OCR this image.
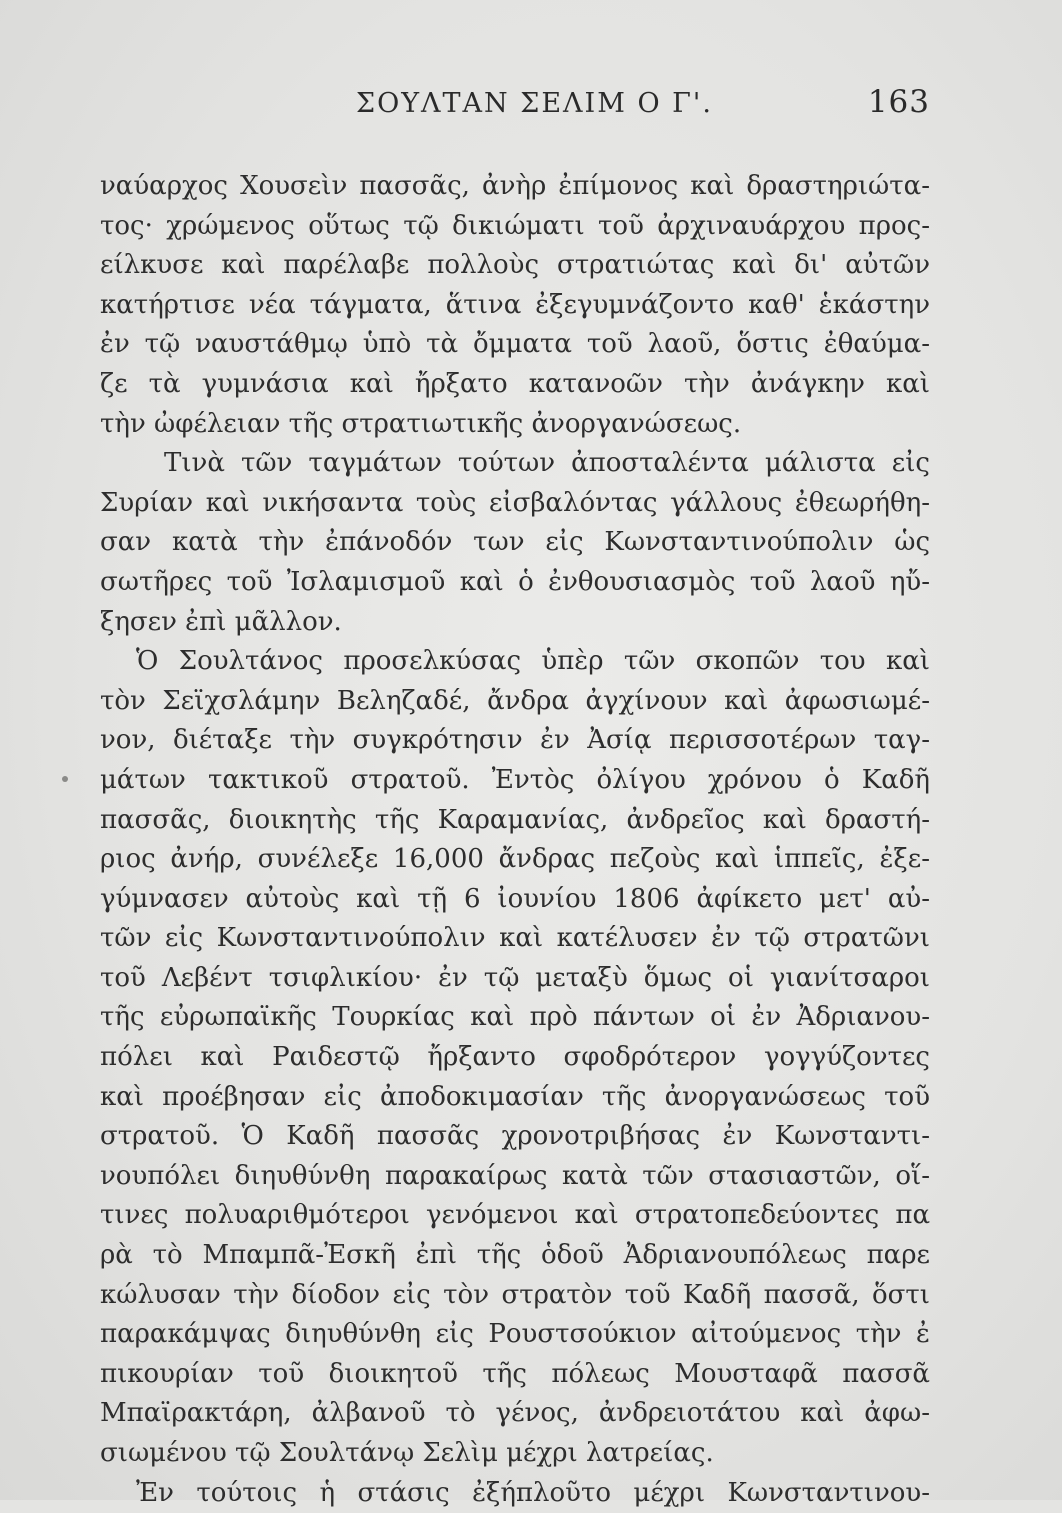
ΣΟΥΛΤΑΝ ΣΕΛΙΜ Ο Γ'.	163
ναύαρχος Χουσεὶν πασσᾶς, ἀνὴρ ἐπίμονος καὶ δραστηριώτα-
τος· χρώμενος οὕτως τῷ δικιώματι τοῦ ἀρχιναυάρχου προς-
είλκυσε καὶ παρέλαβε πολλοὺς στρατιώτας καὶ δι' αὐτῶν
κατήρτισε νέα τάγματα, ἅτινα ἐξεγυμνάζοντο καθ' ἑκάστην
ἐν τῷ ναυστάθμῳ ὑπὸ τὰ ὄμματα τοῦ λαοῦ, ὅστις ἐθαύμα-
ζε τὰ γυμνάσια καὶ ἤρξατο κατανοῶν τὴν ἀνάγκην καὶ
τὴν ὠφέλειαν τῆς στρατιωτικῆς ἀνοργανώσεως.
Τινὰ τῶν ταγμάτων τούτων ἀποσταλέντα μάλιστα εἰς
Συρίαν καὶ νικήσαντα τοὺς εἰσβαλόντας γάλλους ἐθεωρήθη-
σαν κατὰ τὴν ἐπάνοδόν των εἰς Κωνσταντινούπολιν ὡς
σωτῆρες τοῦ Ἰσλαμισμοῦ καὶ ὁ ἐνθουσιασμὸς τοῦ λαοῦ ηὔ-
ξησεν ἐπὶ μᾶλλον.
Ὁ Σουλτάνος προσελκύσας ὑπὲρ τῶν σκοπῶν του καὶ
τὸν Σεϊχσλάμην Βεληζαδέ, ἄνδρα ἀγχίνουν καὶ ἀφωσιωμέ-
νον, διέταξε τὴν συγκρότησιν ἐν Ἀσίᾳ περισσοτέρων ταγ-
μάτων τακτικοῦ στρατοῦ. Ἐντὸς ὀλίγου χρόνου ὁ Καδῆ
πασσᾶς, διοικητὴς τῆς Καραμανίας, ἀνδρεῖος καὶ δραστή-
ριος ἀνήρ, συνέλεξε 16,000 ἄνδρας πεζοὺς καὶ ἱππεῖς, ἐξε-
γύμνασεν αὐτοὺς καὶ τῇ 6 ἰουνίου 1806 ἀφίκετο μετ' αὐ-
τῶν εἰς Κωνσταντινούπολιν καὶ κατέλυσεν ἐν τῷ στρατῶνι
τοῦ Λεβέντ τσιφλικίου· ἐν τῷ μεταξὺ ὅμως οἱ γιανίτσαροι
τῆς εὐρωπαϊκῆς Τουρκίας καὶ πρὸ πάντων οἱ ἐν Ἀδριανου-
πόλει καὶ Ραιδεστῷ ἤρξαντο σφοδρότερον γογγύζοντες
καὶ προέβησαν εἰς ἀποδοκιμασίαν τῆς ἀνοργανώσεως τοῦ
στρατοῦ. Ὁ Καδῆ πασσᾶς χρονοτριβήσας ἐν Κωνσταντι-
νουπόλει διηυθύνθη παρακαίρως κατὰ τῶν στασιαστῶν, οἵ-
τινες πολυαριθμότεροι γενόμενοι καὶ στρατοπεδεύοντες πα
ρὰ τὸ Μπαμπᾶ-Ἐσκῆ ἐπὶ τῆς ὁδοῦ Ἀδριανουπόλεως παρε
κώλυσαν τὴν δίοδον εἰς τὸν στρατὸν τοῦ Καδῆ πασσᾶ, ὅστι
παρακάμψας διηυθύνθη εἰς Ρουστσούκιον αἰτούμενος τὴν ἐ
πικουρίαν τοῦ διοικητοῦ τῆς πόλεως Μουσταφᾶ πασσᾶ
Μπαϊρακτάρη, ἀλβανοῦ τὸ γένος, ἀνδρειοτάτου καὶ ἀφω-
σιωμένου τῷ Σουλτάνῳ Σελὶμ μέχρι λατρείας.
Ἐν τούτοις ἡ στάσις ἐξήπλοῦτο μέχρι Κωνσταντινου-
